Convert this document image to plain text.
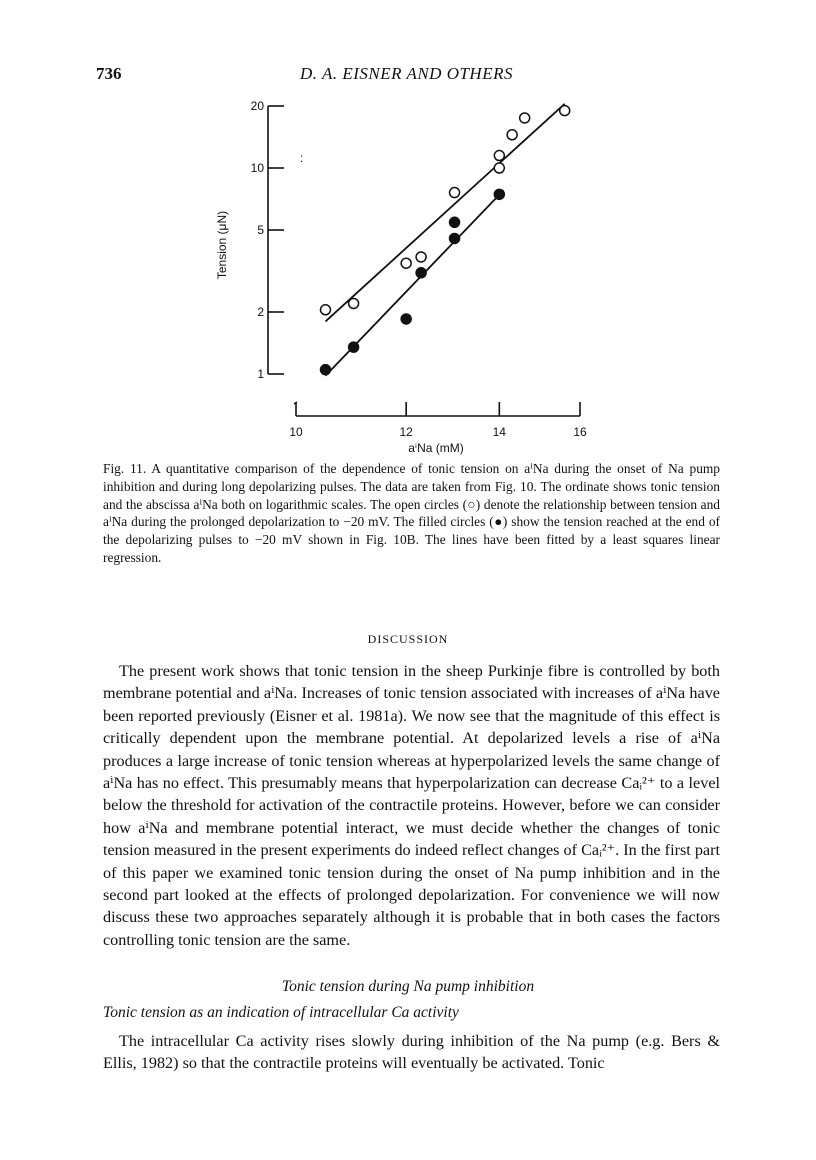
736	D. A. EISNER AND OTHERS
1
2
5
10
20
10	12	14	16
Tension (μN)
aⁱNa (mM)
:
Fig. 11. A quantitative comparison of the dependence of tonic tension on aⁱNa during the onset of Na pump inhibition and during long depolarizing pulses. The data are taken from Fig. 10. The ordinate shows tonic tension and the abscissa aⁱNa both on logarithmic scales. The open circles (○) denote the relationship between tension and aⁱNa during the prolonged depolarization to −20 mV. The filled circles (●) show the tension reached at the end of the depolarizing pulses to −20 mV shown in Fig. 10B. The lines have been fitted by a least squares linear regression.
DISCUSSION

The present work shows that tonic tension in the sheep Purkinje fibre is controlled by both membrane potential and aⁱNa. Increases of tonic tension associated with increases of aⁱNa have been reported previously (Eisner et al. 1981a). We now see that the magnitude of this effect is critically dependent upon the membrane potential. At depolarized levels a rise of aⁱNa produces a large increase of tonic tension whereas at hyperpolarized levels the same change of aⁱNa has no effect. This presumably means that hyperpolarization can decrease Caᵢ²⁺ to a level below the threshold for activation of the contractile proteins. However, before we can consider how aⁱNa and membrane potential interact, we must decide whether the changes of tonic tension measured in the present experiments do indeed reflect changes of Caᵢ²⁺. In the first part of this paper we examined tonic tension during the onset of Na pump inhibition and in the second part looked at the effects of prolonged depolarization. For convenience we will now discuss these two approaches separately although it is probable that in both cases the factors controlling tonic tension are the same.

Tonic tension during Na pump inhibition
Tonic tension as an indication of intracellular Ca activity

The intracellular Ca activity rises slowly during inhibition of the Na pump (e.g. Bers & Ellis, 1982) so that the contractile proteins will eventually be activated. Tonic
